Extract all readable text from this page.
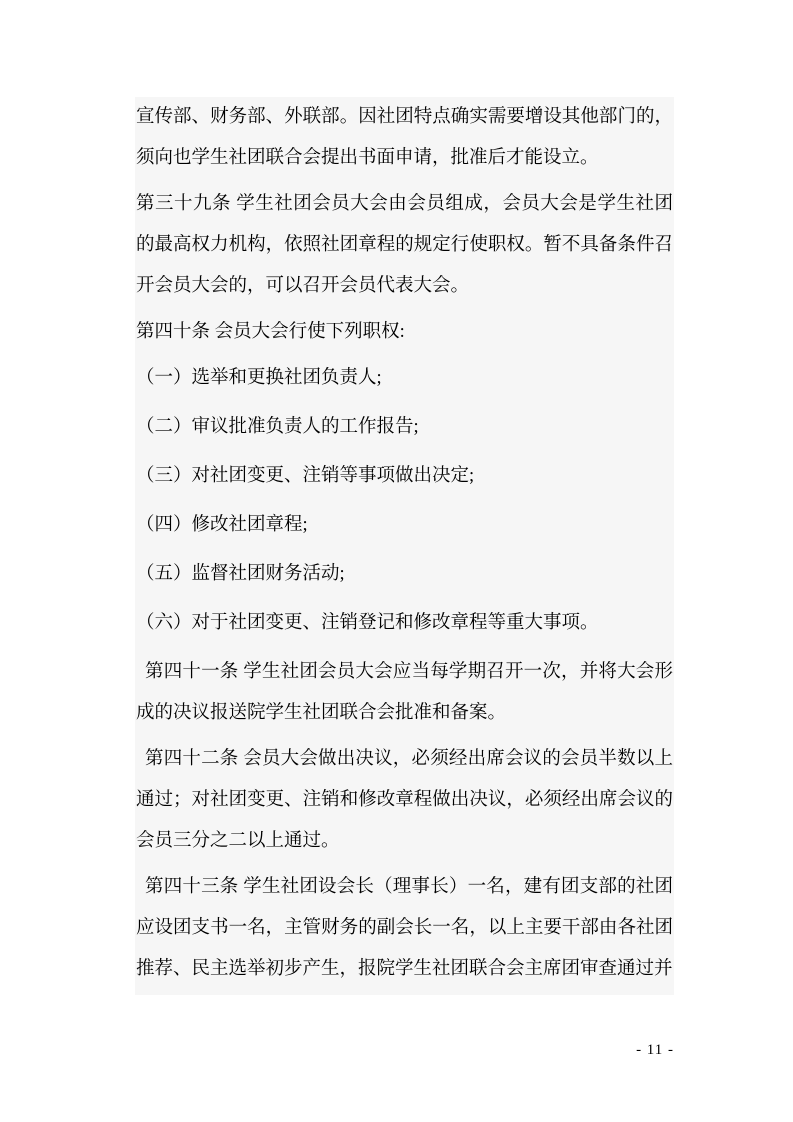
宣传部、财务部、外联部。因社团特点确实需要增设其他部门的，须向也学生社团联合会提出书面申请，批准后才能设立。

第三十九条 学生社团会员大会由会员组成，会员大会是学生社团的最高权力机构，依照社团章程的规定行使职权。暂不具备条件召开会员大会的，可以召开会员代表大会。

第四十条 会员大会行使下列职权:

（一）选举和更换社团负责人;

（二）审议批准负责人的工作报告;

（三）对社团变更、注销等事项做出决定;

（四）修改社团章程;

（五）监督社团财务活动;

（六）对于社团变更、注销登记和修改章程等重大事项。

第四十一条 学生社团会员大会应当每学期召开一次，并将大会形成的决议报送院学生社团联合会批准和备案。

第四十二条 会员大会做出决议，必须经出席会议的会员半数以上通过；对社团变更、注销和修改章程做出决议，必须经出席会议的会员三分之二以上通过。

第四十三条 学生社团设会长（理事长）一名，建有团支部的社团应设团支书一名，主管财务的副会长一名，以上主要干部由各社团推荐、民主选举初步产生，报院学生社团联合会主席团审查通过并

- 11 -
